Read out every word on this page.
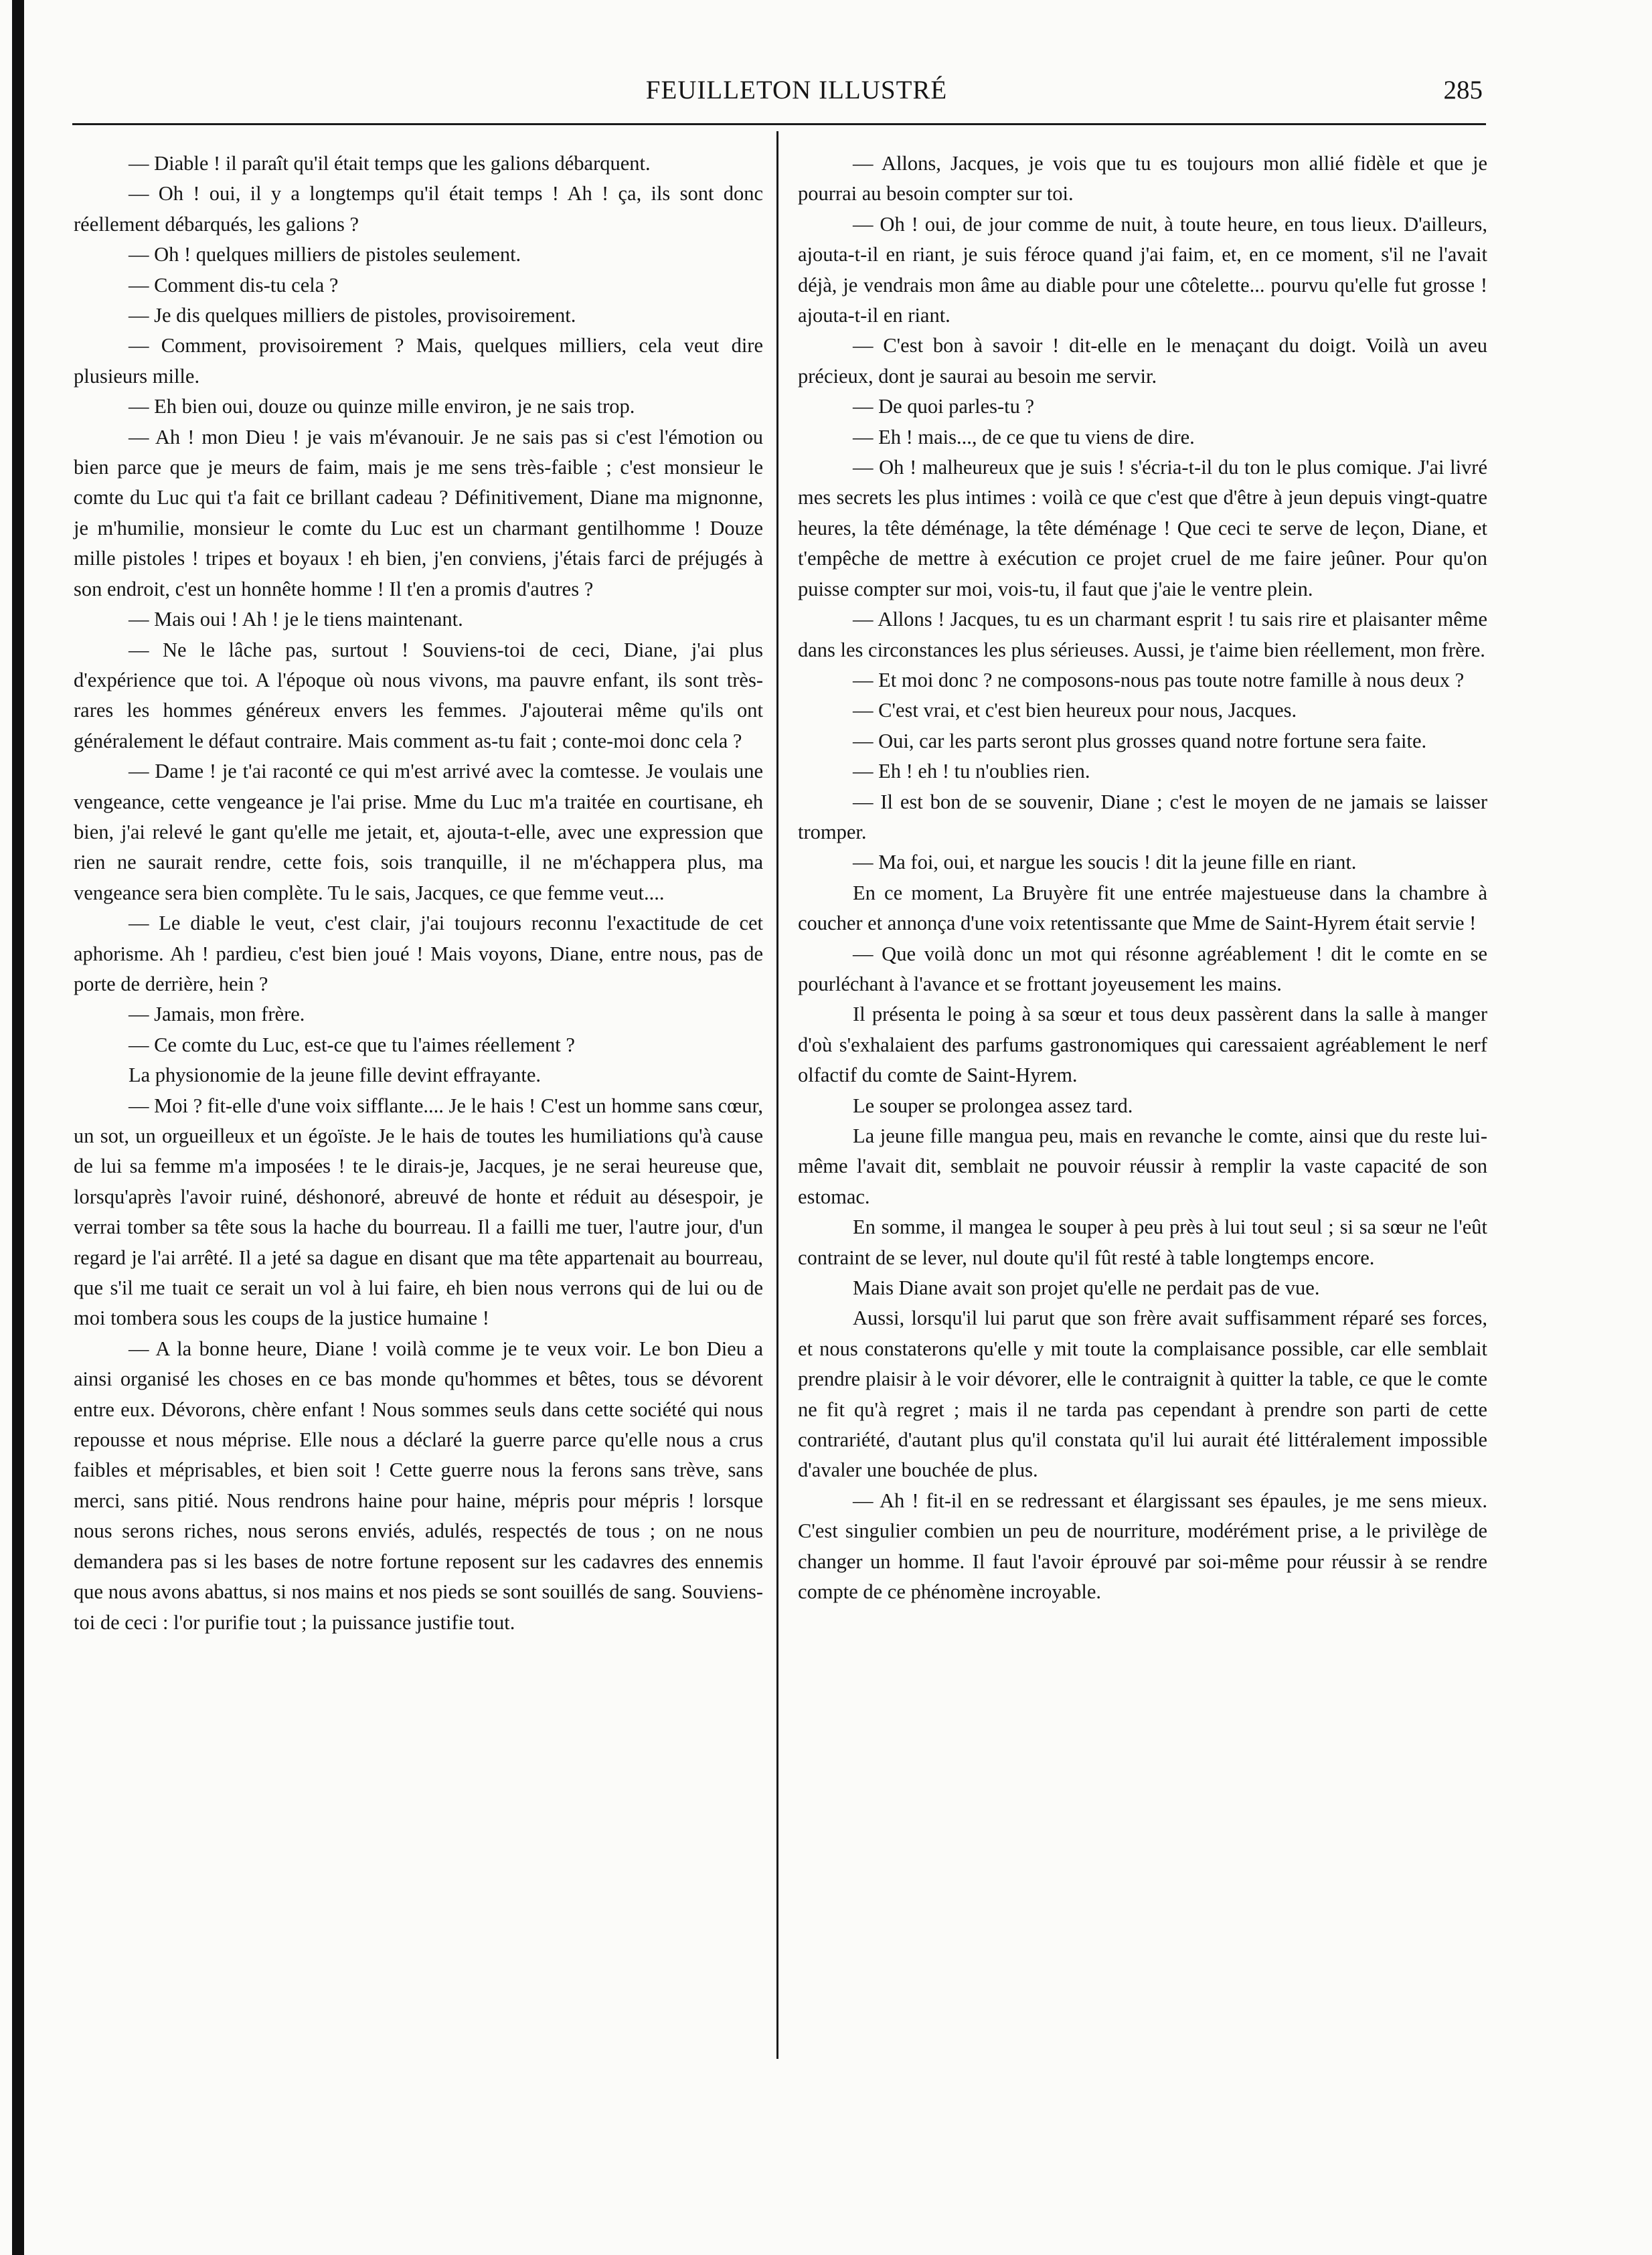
FEUILLETON ILLUSTRÉ	285

— Diable ! il paraît qu'il était temps que les galions débarquent.

— Oh ! oui, il y a longtemps qu'il était temps ! Ah ! ça, ils sont donc réellement débarqués, les galions ?

— Oh ! quelques milliers de pistoles seulement.

— Comment dis-tu cela ?

— Je dis quelques milliers de pistoles, provisoirement.

— Comment, provisoirement ? Mais, quelques milliers, cela veut dire plusieurs mille.

— Eh bien oui, douze ou quinze mille environ, je ne sais trop.

— Ah ! mon Dieu ! je vais m'évanouir. Je ne sais pas si c'est l'émotion ou bien parce que je meurs de faim, mais je me sens très-faible ; c'est monsieur le comte du Luc qui t'a fait ce brillant cadeau ? Définitivement, Diane ma mignonne, je m'humilie, monsieur le comte du Luc est un charmant gentilhomme ! Douze mille pistoles ! tripes et boyaux ! eh bien, j'en conviens, j'étais farci de préjugés à son endroit, c'est un honnête homme ! Il t'en a promis d'autres ?

— Mais oui ! Ah ! je le tiens maintenant.

— Ne le lâche pas, surtout ! Souviens-toi de ceci, Diane, j'ai plus d'expérience que toi. A l'époque où nous vivons, ma pauvre enfant, ils sont très-rares les hommes généreux envers les femmes. J'ajouterai même qu'ils ont généralement le défaut contraire. Mais comment as-tu fait ; conte-moi donc cela ?

— Dame ! je t'ai raconté ce qui m'est arrivé avec la comtesse. Je voulais une vengeance, cette vengeance je l'ai prise. Mme du Luc m'a traitée en courtisane, eh bien, j'ai relevé le gant qu'elle me jetait, et, ajouta-t-elle, avec une expression que rien ne saurait rendre, cette fois, sois tranquille, il ne m'échappera plus, ma vengeance sera bien complète. Tu le sais, Jacques, ce que femme veut....

— Le diable le veut, c'est clair, j'ai toujours reconnu l'exactitude de cet aphorisme. Ah ! pardieu, c'est bien joué ! Mais voyons, Diane, entre nous, pas de porte de derrière, hein ?

— Jamais, mon frère.

— Ce comte du Luc, est-ce que tu l'aimes réellement ?

La physionomie de la jeune fille devint effrayante.

— Moi ? fit-elle d'une voix sifflante.... Je le hais ! C'est un homme sans cœur, un sot, un orgueilleux et un égoïste. Je le hais de toutes les humiliations qu'à cause de lui sa femme m'a imposées ! te le dirais-je, Jacques, je ne serai heureuse que, lorsqu'après l'avoir ruiné, déshonoré, abreuvé de honte et réduit au désespoir, je verrai tomber sa tête sous la hache du bourreau. Il a failli me tuer, l'autre jour, d'un regard je l'ai arrêté. Il a jeté sa dague en disant que ma tête appartenait au bourreau, que s'il me tuait ce serait un vol à lui faire, eh bien nous verrons qui de lui ou de moi tombera sous les coups de la justice humaine !

— A la bonne heure, Diane ! voilà comme je te veux voir. Le bon Dieu a ainsi organisé les choses en ce bas monde qu'hommes et bêtes, tous se dévorent entre eux. Dévorons, chère enfant ! Nous sommes seuls dans cette société qui nous repousse et nous méprise. Elle nous a déclaré la guerre parce qu'elle nous a crus faibles et méprisables, et bien soit ! Cette guerre nous la ferons sans trève, sans merci, sans pitié. Nous rendrons haine pour haine, mépris pour mépris ! lorsque nous serons riches, nous serons enviés, adulés, respectés de tous ; on ne nous demandera pas si les bases de notre fortune reposent sur les cadavres des ennemis que nous avons abattus, si nos mains et nos pieds se sont souillés de sang. Souviens-toi de ceci : l'or purifie tout ; la puissance justifie tout.

— Allons, Jacques, je vois que tu es toujours mon allié fidèle et que je pourrai au besoin compter sur toi.

— Oh ! oui, de jour comme de nuit, à toute heure, en tous lieux. D'ailleurs, ajouta-t-il en riant, je suis féroce quand j'ai faim, et, en ce moment, s'il ne l'avait déjà, je vendrais mon âme au diable pour une côtelette... pourvu qu'elle fut grosse ! ajouta-t-il en riant.

— C'est bon à savoir ! dit-elle en le menaçant du doigt. Voilà un aveu précieux, dont je saurai au besoin me servir.

— De quoi parles-tu ?

— Eh ! mais..., de ce que tu viens de dire.

— Oh ! malheureux que je suis ! s'écria-t-il du ton le plus comique. J'ai livré mes secrets les plus intimes : voilà ce que c'est que d'être à jeun depuis vingt-quatre heures, la tête déménage, la tête déménage ! Que ceci te serve de leçon, Diane, et t'empêche de mettre à exécution ce projet cruel de me faire jeûner. Pour qu'on puisse compter sur moi, vois-tu, il faut que j'aie le ventre plein.

— Allons ! Jacques, tu es un charmant esprit ! tu sais rire et plaisanter même dans les circonstances les plus sérieuses. Aussi, je t'aime bien réellement, mon frère.

— Et moi donc ? ne composons-nous pas toute notre famille à nous deux ?

— C'est vrai, et c'est bien heureux pour nous, Jacques.

— Oui, car les parts seront plus grosses quand notre fortune sera faite.

— Eh ! eh ! tu n'oublies rien.

— Il est bon de se souvenir, Diane ; c'est le moyen de ne jamais se laisser tromper.

— Ma foi, oui, et nargue les soucis ! dit la jeune fille en riant.

En ce moment, La Bruyère fit une entrée majestueuse dans la chambre à coucher et annonça d'une voix retentissante que Mme de Saint-Hyrem était servie !

— Que voilà donc un mot qui résonne agréablement ! dit le comte en se pourléchant à l'avance et se frottant joyeusement les mains.

Il présenta le poing à sa sœur et tous deux passèrent dans la salle à manger d'où s'exhalaient des parfums gastronomiques qui caressaient agréablement le nerf olfactif du comte de Saint-Hyrem.

Le souper se prolongea assez tard.

La jeune fille mangua peu, mais en revanche le comte, ainsi que du reste lui-même l'avait dit, semblait ne pouvoir réussir à remplir la vaste capacité de son estomac.

En somme, il mangea le souper à peu près à lui tout seul ; si sa sœur ne l'eût contraint de se lever, nul doute qu'il fût resté à table longtemps encore.

Mais Diane avait son projet qu'elle ne perdait pas de vue.

Aussi, lorsqu'il lui parut que son frère avait suffisamment réparé ses forces, et nous constaterons qu'elle y mit toute la complaisance possible, car elle semblait prendre plaisir à le voir dévorer, elle le contraignit à quitter la table, ce que le comte ne fit qu'à regret ; mais il ne tarda pas cependant à prendre son parti de cette contrariété, d'autant plus qu'il constata qu'il lui aurait été littéralement impossible d'avaler une bouchée de plus.

— Ah ! fit-il en se redressant et élargissant ses épaules, je me sens mieux. C'est singulier combien un peu de nourriture, modérément prise, a le privilège de changer un homme. Il faut l'avoir éprouvé par soi-même pour réussir à se rendre compte de ce phénomène incroyable.
